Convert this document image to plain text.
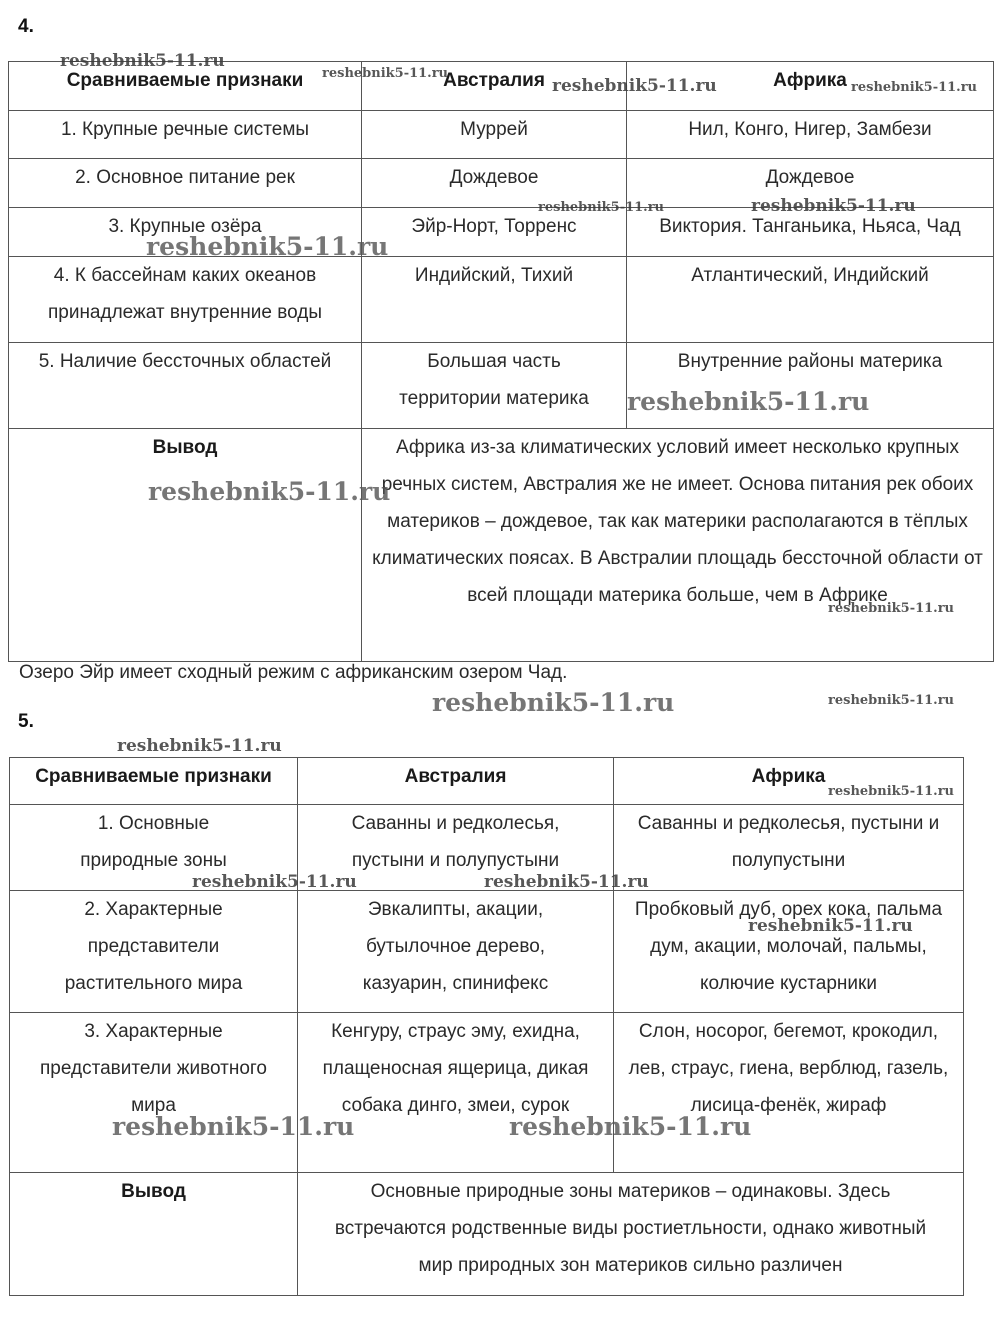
4.
Сравниваемые признаки	Австралия	Африка
1. Крупные речные системы	Муррей	Нил, Конго, Нигер, Замбези
2. Основное питание рек	Дождевое	Дождевое
3. Крупные озёра	Эйр-Норт, Торренс	Виктория. Танганьика, Ньяса, Чад
4. К бассейнам каких океанов принадлежат внутренние воды	Индийский, Тихий	Атлантический, Индийский
5. Наличие бессточных областей	Большая часть территории материка	Внутренние районы материка
Вывод	Африка из-за климатических условий имеет несколько крупных речных систем, Австралия же не имеет. Основа питания рек обоих материков – дождевое, так как материки располагаются в тёплых климатических поясах. В Австралии площадь бессточной области от всей площади материка больше, чем в Африке	
Озеро Эйр имеет сходный режим с африканским озером Чад.
5.
Сравниваемые признаки	Австралия	Африка
1. Основные природные зоны	Саванны и редколесья, пустыни и полупустыни	Саванны и редколесья, пустыни и полупустыни
2. Характерные представители растительного мира	Эвкалипты, акации, бутылочное дерево, казуарин, спинифекс	Пробковый дуб, орех кока, пальма дум, акации, молочай, пальмы, колючие кустарники
3. Характерные представители животного мира	Кенгуру, страус эму, ехидна, плащеносная ящерица, дикая собака динго, змеи, сурок	Слон, носорог, бегемот, крокодил, лев, страус, гиена, верблюд, газель, лисица-фенёк, жираф
Вывод	Основные природные зоны материков – одинаковы. Здесь встречаются родственные виды ростиетльности, однако животный мир природных зон материков сильно различен	
reshebnik5-11.ru
reshebnik5-11.ru
reshebnik5-11.ru	reshebnik5-11.ru
reshebnik5-11.ru	reshebnik5-11.ru
reshebnik5-11.ru
reshebnik5-11.ru
reshebnik5-11.ru
reshebnik5-11.ru
reshebnik5-11.ru	reshebnik5-11.ru
reshebnik5-11.ru
reshebnik5-11.ru
reshebnik5-11.ru	reshebnik5-11.ru
reshebnik5-11.ru
reshebnik5-11.ru	reshebnik5-11.ru
